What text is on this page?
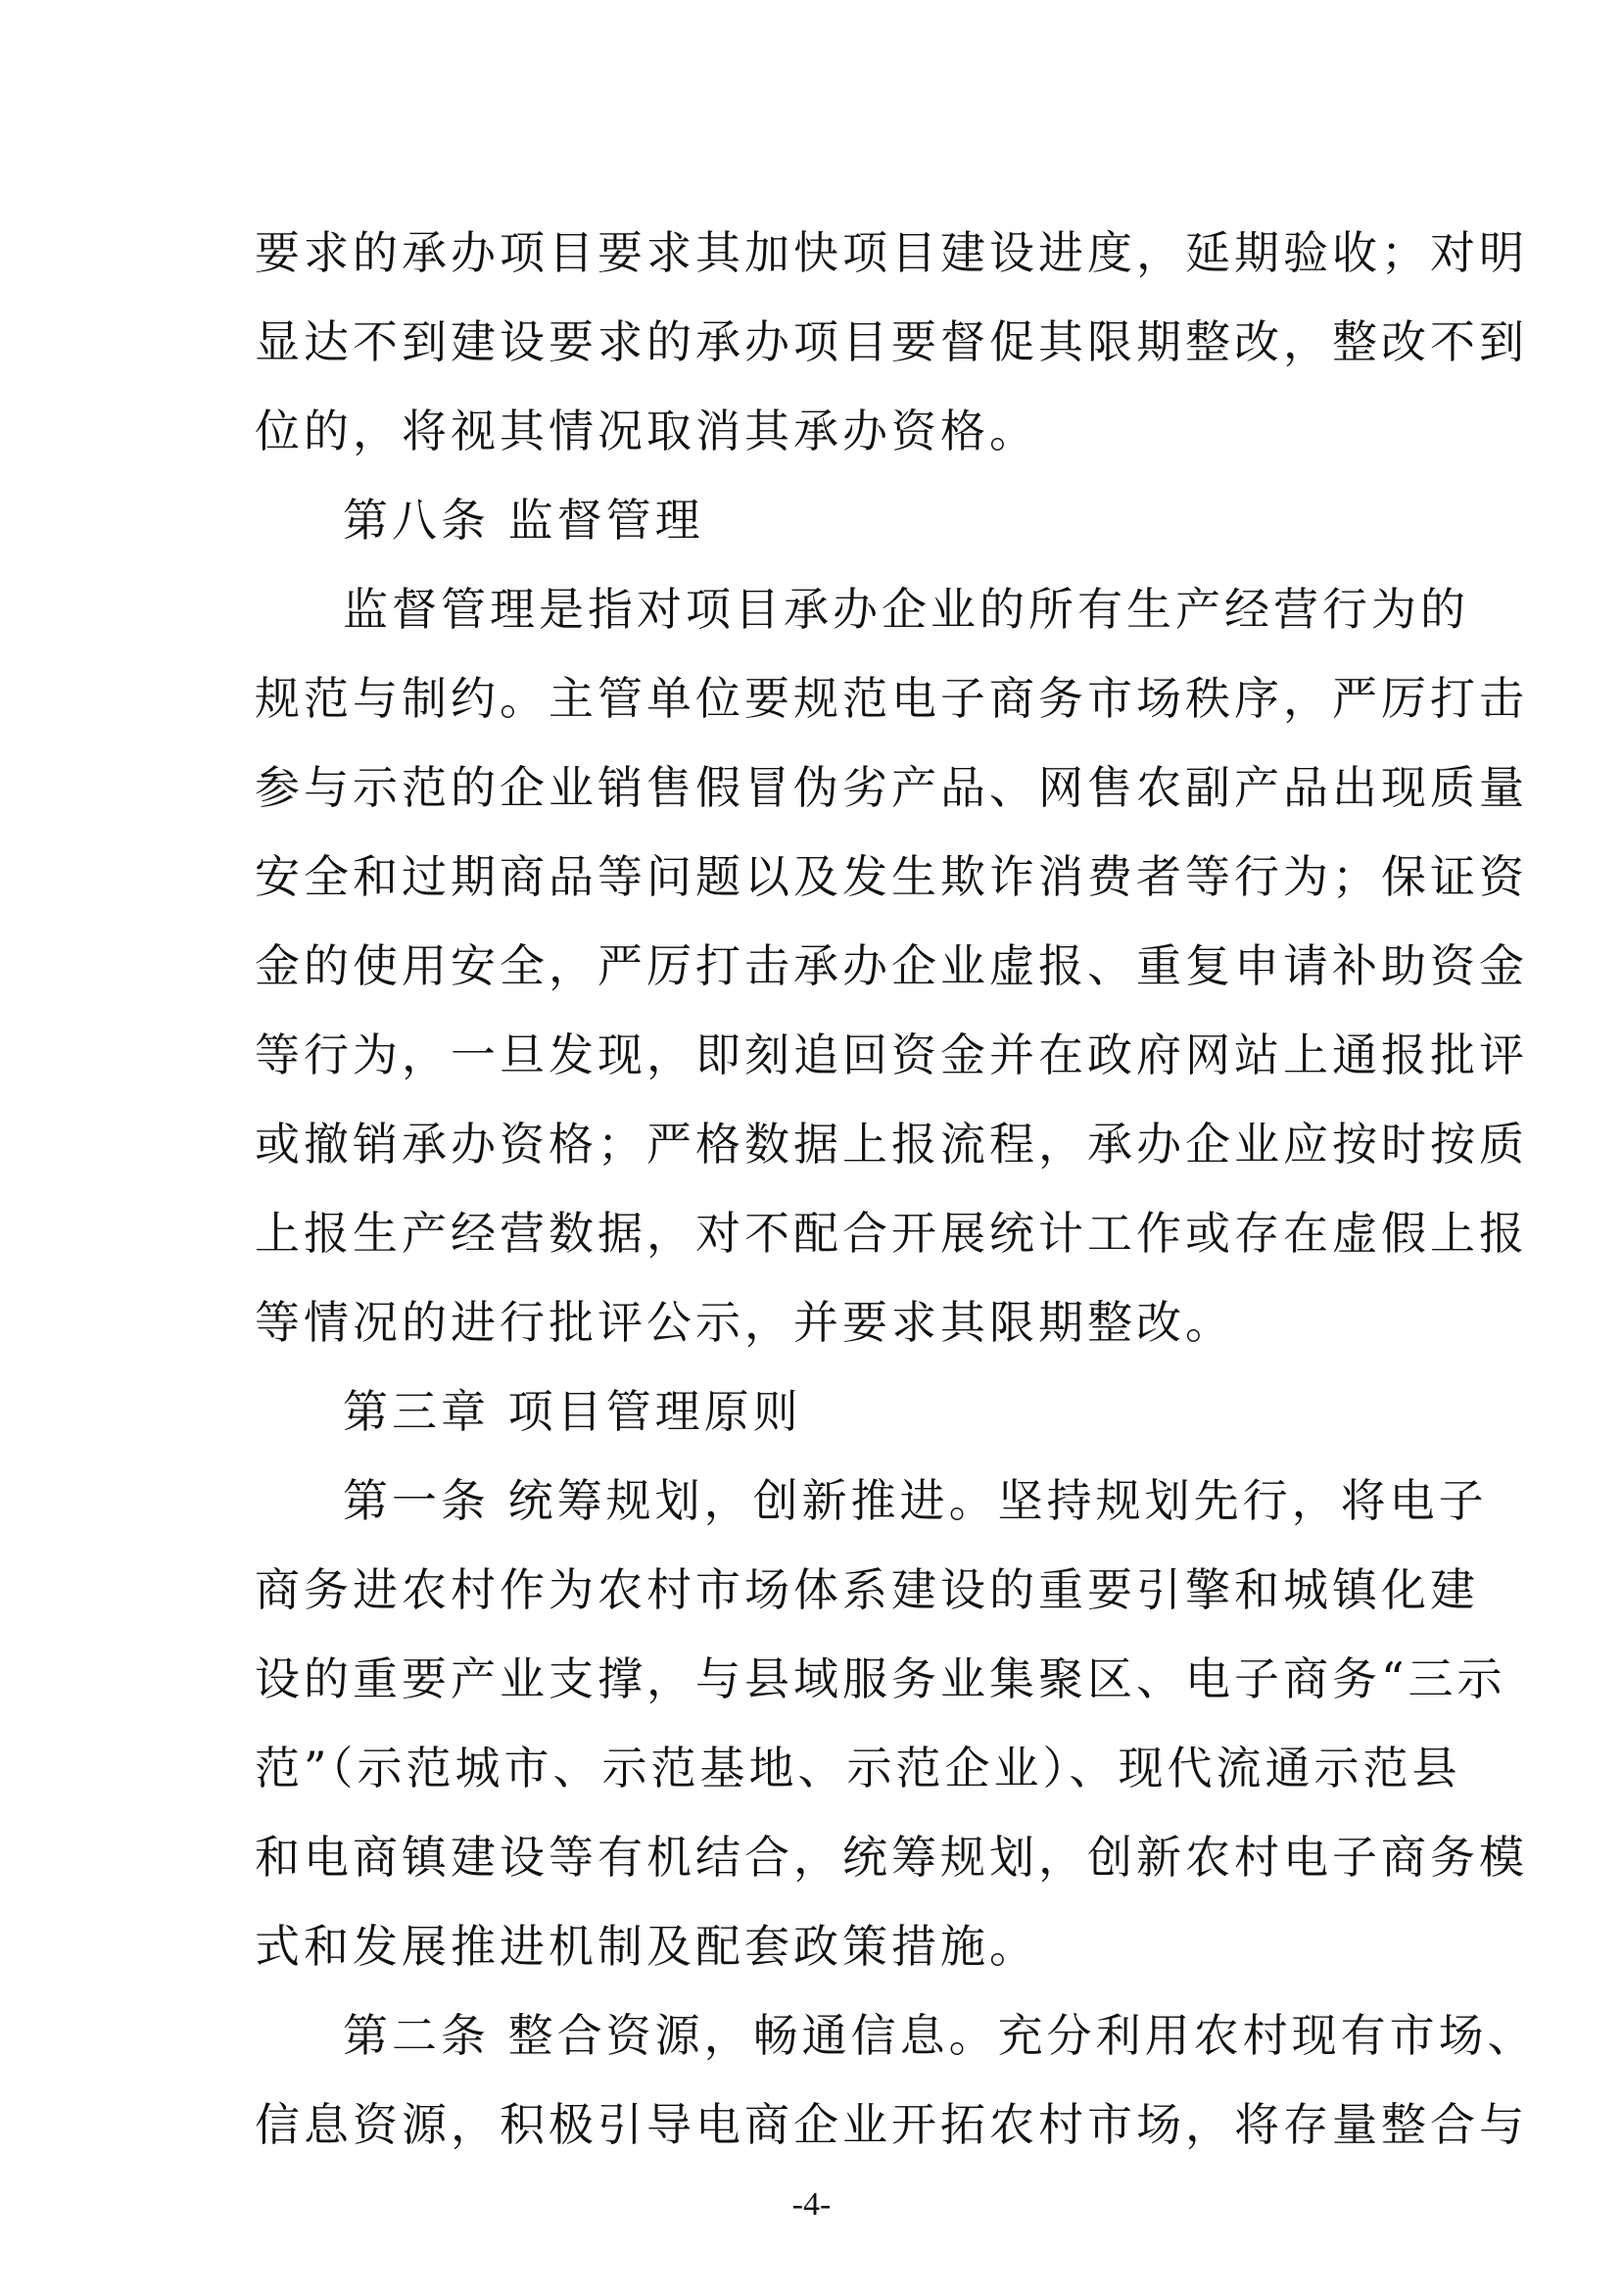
要求的承办项目要求其加快项目建设进度，延期验收；对明
显达不到建设要求的承办项目要督促其限期整改，整改不到
位的，将视其情况取消其承办资格。
第八条 监督管理
监督管理是指对项目承办企业的所有生产经营行为的
规范与制约。主管单位要规范电子商务市场秩序，严厉打击
参与示范的企业销售假冒伪劣产品、网售农副产品出现质量
安全和过期商品等问题以及发生欺诈消费者等行为；保证资
金的使用安全，严厉打击承办企业虚报、重复申请补助资金
等行为，一旦发现，即刻追回资金并在政府网站上通报批评
或撤销承办资格；严格数据上报流程，承办企业应按时按质
上报生产经营数据，对不配合开展统计工作或存在虚假上报
等情况的进行批评公示，并要求其限期整改。
第三章 项目管理原则
第一条 统筹规划，创新推进。坚持规划先行，将电子
商务进农村作为农村市场体系建设的重要引擎和城镇化建
设的重要产业支撑，与县域服务业集聚区、电子商务“三示
范”（示范城市、示范基地、示范企业）、现代流通示范县
和电商镇建设等有机结合，统筹规划，创新农村电子商务模
式和发展推进机制及配套政策措施。
第二条 整合资源，畅通信息。充分利用农村现有市场、
信息资源，积极引导电商企业开拓农村市场，将存量整合与
-4-
